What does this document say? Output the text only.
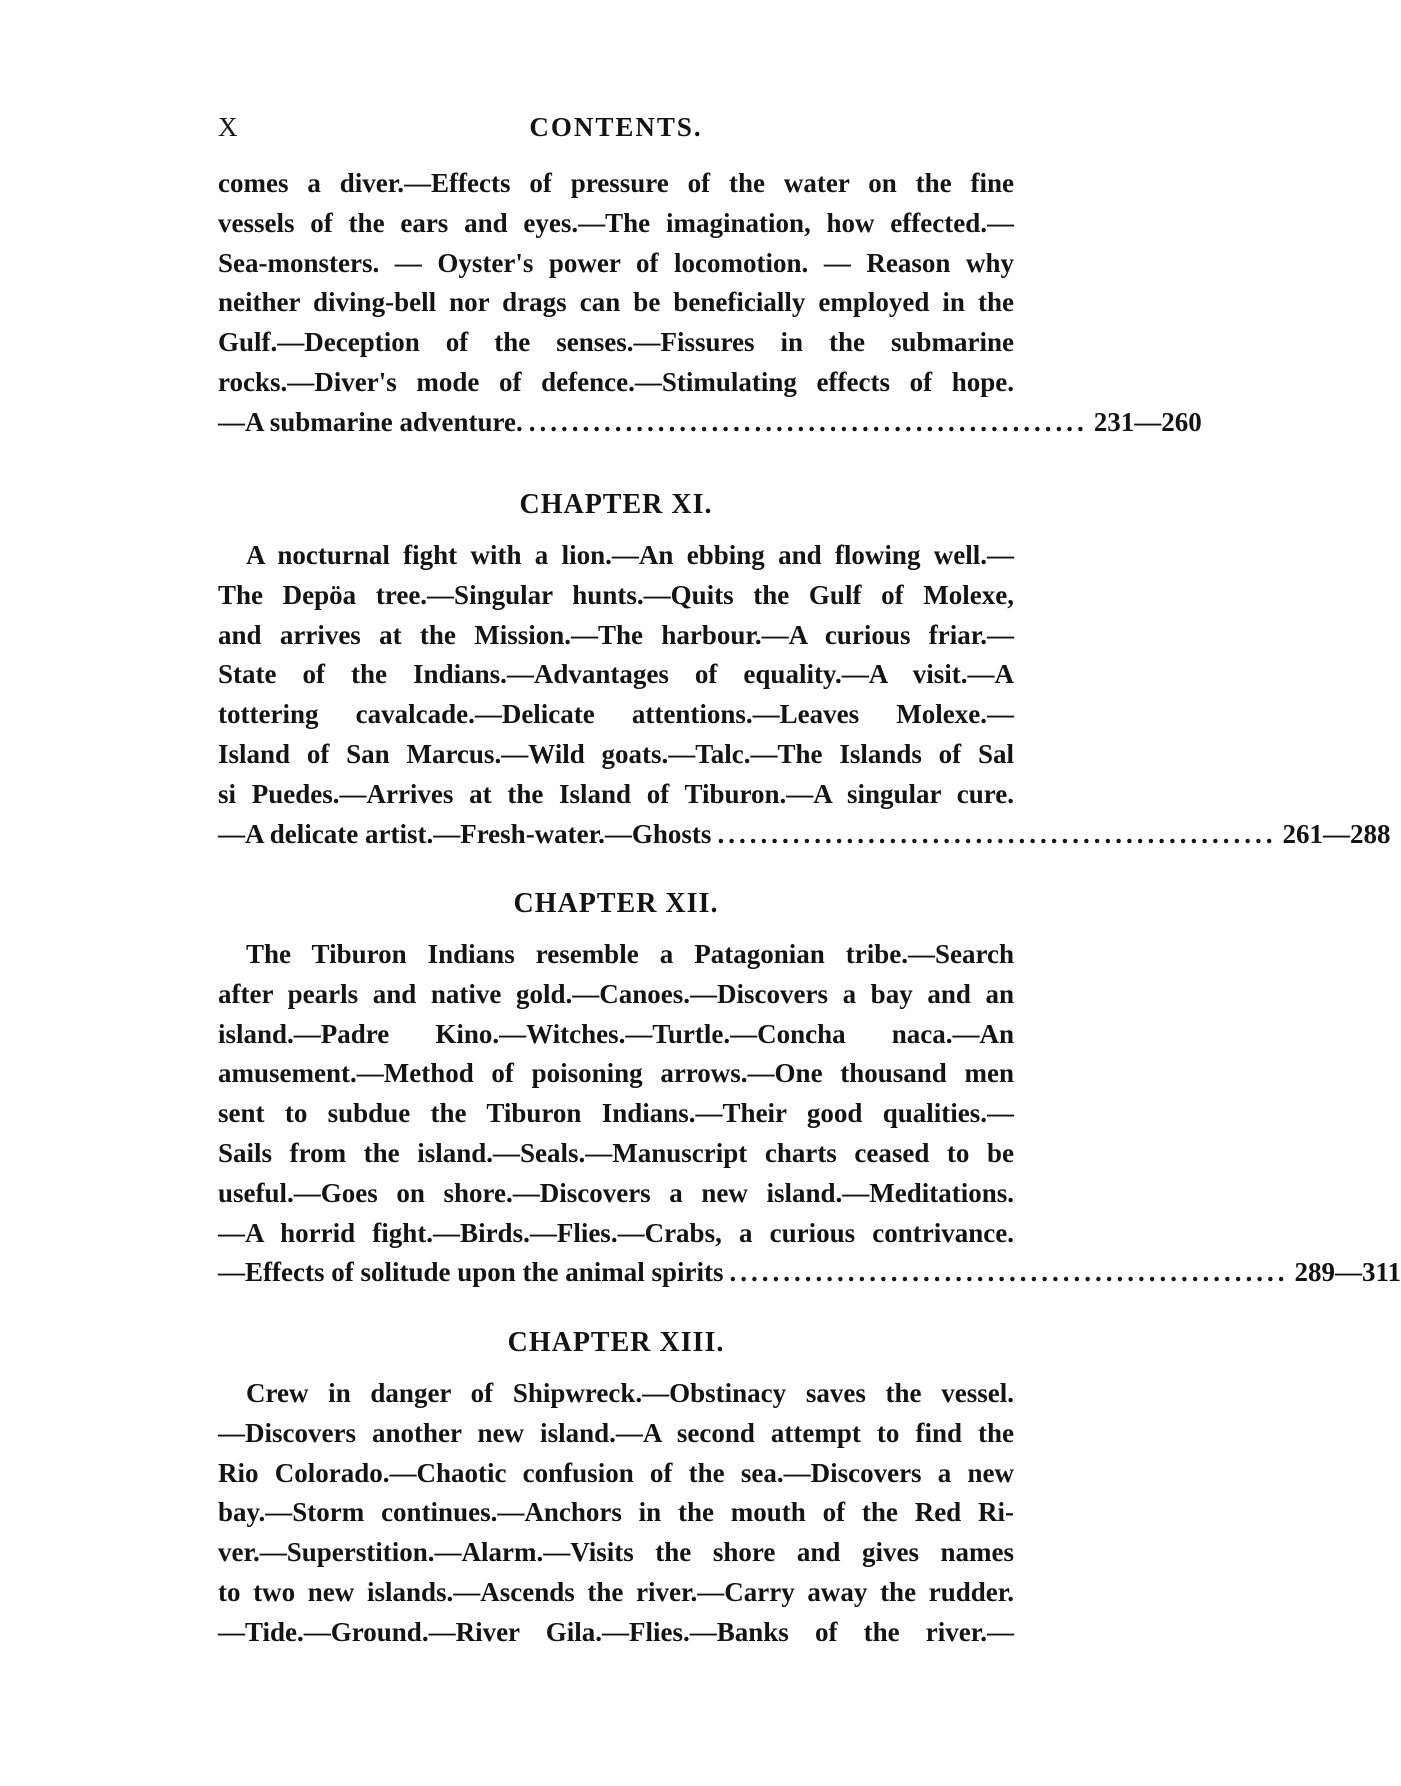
X	CONTENTS.
comes a diver.—Effects of pressure of the water on the fine
vessels of the ears and eyes.—The imagination, how effected.—
Sea-monsters. — Oyster's power of locomotion. — Reason why
neither diving-bell nor drags can be beneficially employed in the
Gulf.—Deception of the senses.—Fissures in the submarine
rocks.—Diver's mode of defence.—Stimulating effects of hope.
—A submarine adventure. .................................................... 231—260
CHAPTER XI.
A nocturnal fight with a lion.—An ebbing and flowing well.—
The Depöa tree.—Singular hunts.—Quits the Gulf of Molexe,
and arrives at the Mission.—The harbour.—A curious friar.—
State of the Indians.—Advantages of equality.—A visit.—A
tottering cavalcade.—Delicate attentions.—Leaves Molexe.—
Island of San Marcus.—Wild goats.—Talc.—The Islands of Sal
si Puedes.—Arrives at the Island of Tiburon.—A singular cure.
—A delicate artist.—Fresh-water.—Ghosts .................................................... 261—288
CHAPTER XII.
The Tiburon Indians resemble a Patagonian tribe.—Search
after pearls and native gold.—Canoes.—Discovers a bay and an
island.—Padre Kino.—Witches.—Turtle.—Concha naca.—An
amusement.—Method of poisoning arrows.—One thousand men
sent to subdue the Tiburon Indians.—Their good qualities.—
Sails from the island.—Seals.—Manuscript charts ceased to be
useful.—Goes on shore.—Discovers a new island.—Meditations.
—A horrid fight.—Birds.—Flies.—Crabs, a curious contrivance.
—Effects of solitude upon the animal spirits .................................................... 289—311
CHAPTER XIII.
Crew in danger of Shipwreck.—Obstinacy saves the vessel.
—Discovers another new island.—A second attempt to find the
Rio Colorado.—Chaotic confusion of the sea.—Discovers a new
bay.—Storm continues.—Anchors in the mouth of the Red Ri-
ver.—Superstition.—Alarm.—Visits the shore and gives names
to two new islands.—Ascends the river.—Carry away the rudder.
—Tide.—Ground.—River Gila.—Flies.—Banks of the river.—
